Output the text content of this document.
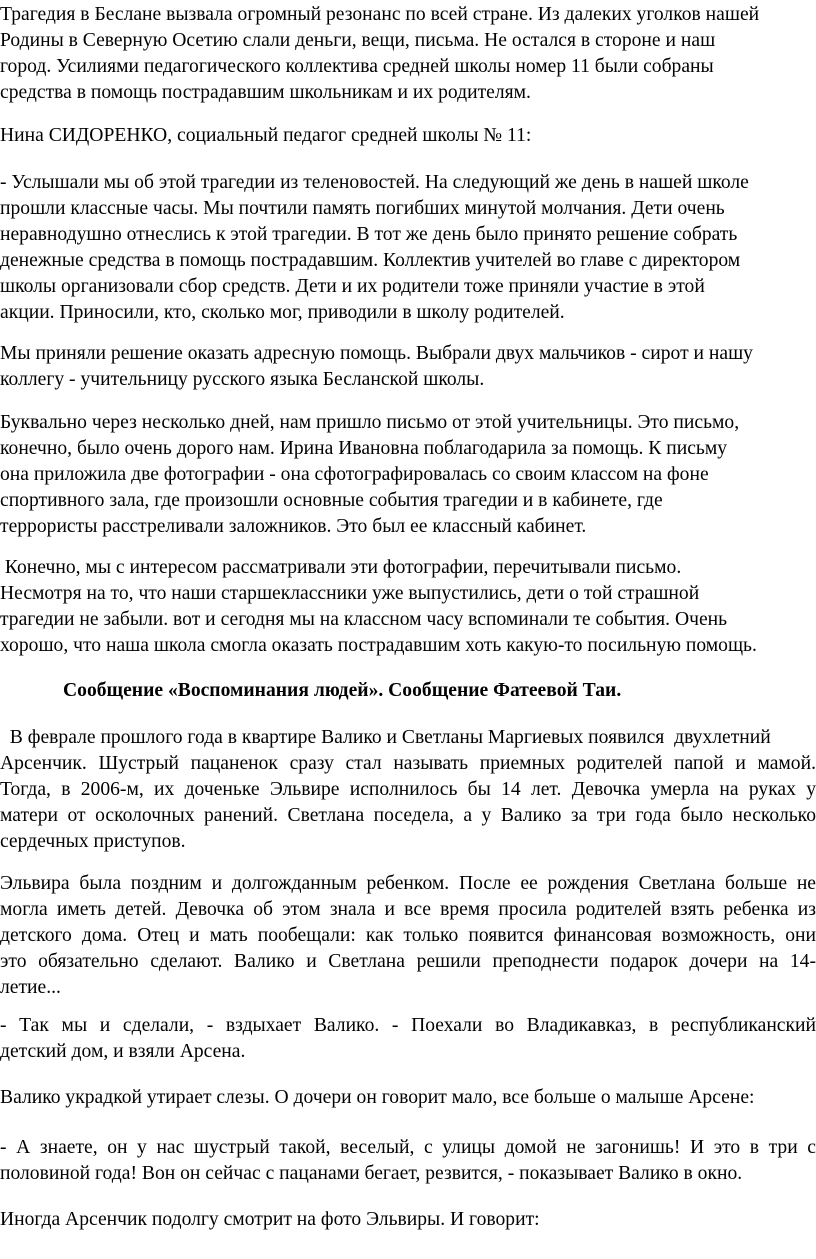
Трагедия в Беслане вызвала огромный резонанс по всей стране. Из далеких уголков нашей
Родины в Северную Осетию слали деньги, вещи, письма. Не остался в стороне и наш
город. Усилиями педагогического коллектива средней школы номер 11 были собраны
средства в помощь пострадавшим школьникам и их родителям.
Нина СИДОРЕНКО, социальный педагог средней школы № 11:
- Услышали мы об этой трагедии из теленовостей. На следующий же день в нашей школе
прошли классные часы. Мы почтили память погибших минутой молчания. Дети очень
неравнодушно отнеслись к этой трагедии. В тот же день было принято решение собрать
денежные средства в помощь пострадавшим. Коллектив учителей во главе с директором
школы организовали сбор средств. Дети и их родители тоже приняли участие в этой
акции. Приносили, кто, сколько мог, приводили в школу родителей.
Мы приняли решение оказать адресную помощь. Выбрали двух мальчиков - сирот и нашу
коллегу - учительницу русского языка Бесланской школы.
Буквально через несколько дней, нам пришло письмо от этой учительницы. Это письмо,
конечно, было очень дорого нам. Ирина Ивановна поблагодарила за помощь. К письму
она приложила две фотографии - она сфотографировалась со своим классом на фоне
спортивного зала, где произошли основные события трагедии и в кабинете, где
террористы расстреливали заложников. Это был ее классный кабинет.
Конечно, мы с интересом рассматривали эти фотографии, перечитывали письмо.
Несмотря на то, что наши старшеклассники уже выпустились, дети о той страшной
трагедии не забыли. вот и сегодня мы на классном часу вспоминали те события. Очень
хорошо, что наша школа смогла оказать пострадавшим хоть какую-то посильную помощь.
Сообщение «Воспоминания людей». Сообщение Фатеевой Таи.
В феврале прошлого года в квартире Валико и Светланы Маргиевых появился  двухлетний
Арсенчик. Шустрый пацаненок сразу стал называть приемных родителей папой и мамой.
Тогда, в 2006-м, их доченьке Эльвире исполнилось бы 14 лет. Девочка умерла на руках у
матери от осколочных ранений. Светлана поседела, а у Валико за три года было несколько
сердечных приступов.
Эльвира была поздним и долгожданным ребенком. После ее рождения Светлана больше не
могла иметь детей. Девочка об этом знала и все время просила родителей взять ребенка из
детского дома. Отец и мать пообещали: как только появится финансовая возможность, они
это обязательно сделают. Валико и Светлана решили преподнести подарок дочери на 14-
летие...
- Так мы и сделали, - вздыхает Валико. - Поехали во Владикавказ, в республиканский
детский дом, и взяли Арсена.
Валико украдкой утирает слезы. О дочери он говорит мало, все больше о малыше Арсене:
- А знаете, он у нас шустрый такой, веселый, с улицы домой не загонишь! И это в три с
половиной года! Вон он сейчас с пацанами бегает, резвится, - показывает Валико в окно.
Иногда Арсенчик подолгу смотрит на фото Эльвиры. И говорит:
